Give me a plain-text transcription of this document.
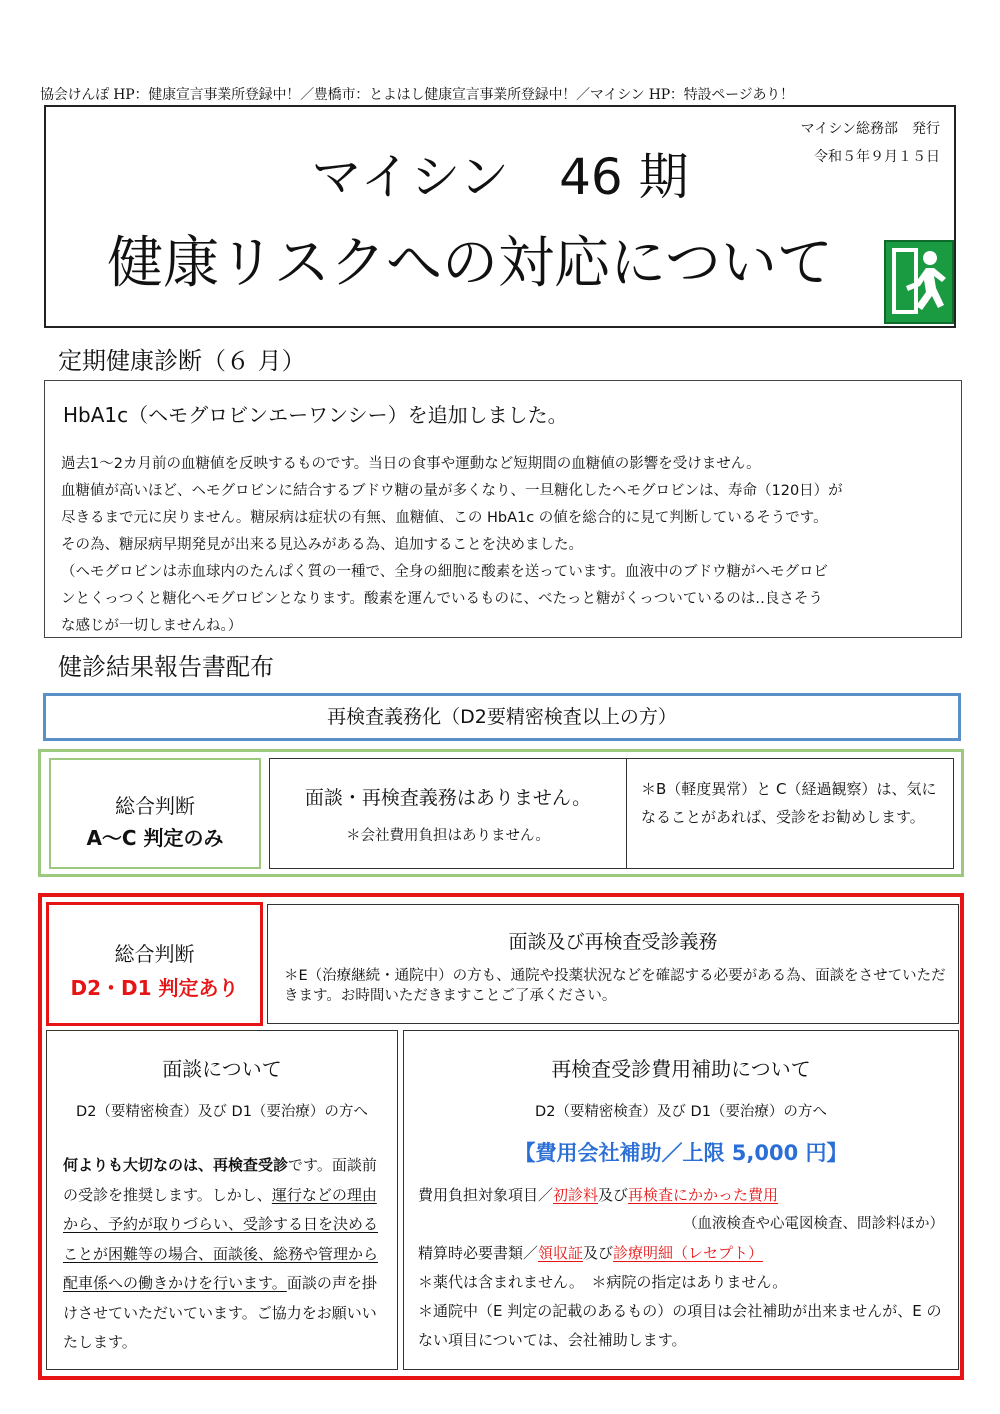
協会けんぽ HP：健康宣言事業所登録中！／豊橋市：とよはし健康宣言事業所登録中！／マイシン HP：特設ページあり！
マイシン総務部　発行
令和５年９月１５日
マイシン　46 期
健康リスクへの対応について
定期健康診断（６ 月）
HbA1c（ヘモグロビンエーワンシー）を追加しました。

過去1～2カ月前の血糖値を反映するものです。当日の食事や運動など短期間の血糖値の影響を受けません。

血糖値が高いほど、ヘモグロビンに結合するブドウ糖の量が多くなり、一旦糖化したヘモグロビンは、寿命（120日）が

尽きるまで元に戻りません。糖尿病は症状の有無、血糖値、この HbA1c の値を総合的に見て判断しているそうです。

その為、糖尿病早期発見が出来る見込みがある為、追加することを決めました。

（ヘモグロビンは赤血球内のたんぱく質の一種で、全身の細胞に酸素を送っています。血液中のブドウ糖がヘモグロビ

ンとくっつくと糖化ヘモグロビンとなります。酸素を運んでいるものに、べたっと糖がくっついているのは‥良さそう

な感じが一切しませんね。）

健診結果報告書配布
再検査義務化（D2要精密検査以上の方）
総合判断
A～C 判定のみ
面談・再検査義務はありません。
＊会社費用負担はありません。
＊B（軽度異常）と C（経過観察）は、気になることがあれば、受診をお勧めします。
総合判断
D2・D1 判定あり
面談及び再検査受診義務
＊E（治療継続・通院中）の方も、通院や投薬状況などを確認する必要がある為、面談をさせていただきます。お時間いただきますことご了承ください。
面談について
D2（要精密検査）及び D1（要治療）の方へ
何よりも大切なのは、再検査受診です。面談前の受診を推奨します。しかし、運行などの理由から、予約が取りづらい、受診する日を決めることが困難等の場合、面談後、総務や管理から配車係への働きかけを行います。面談の声を掛けさせていただいています。ご協力をお願いいたします。
再検査受診費用補助について
D2（要精密検査）及び D1（要治療）の方へ
【費用会社補助／上限 5,000 円】
費用負担対象項目／初診料及び再検査にかかった費用
（血液検査や心電図検査、問診料ほか）
精算時必要書類／領収証及び診療明細（レセプト）
＊薬代は含まれません。　＊病院の指定はありません。
＊通院中（E 判定の記載のあるもの）の項目は会社補助が出来ませんが、E のない項目については、会社補助します。
